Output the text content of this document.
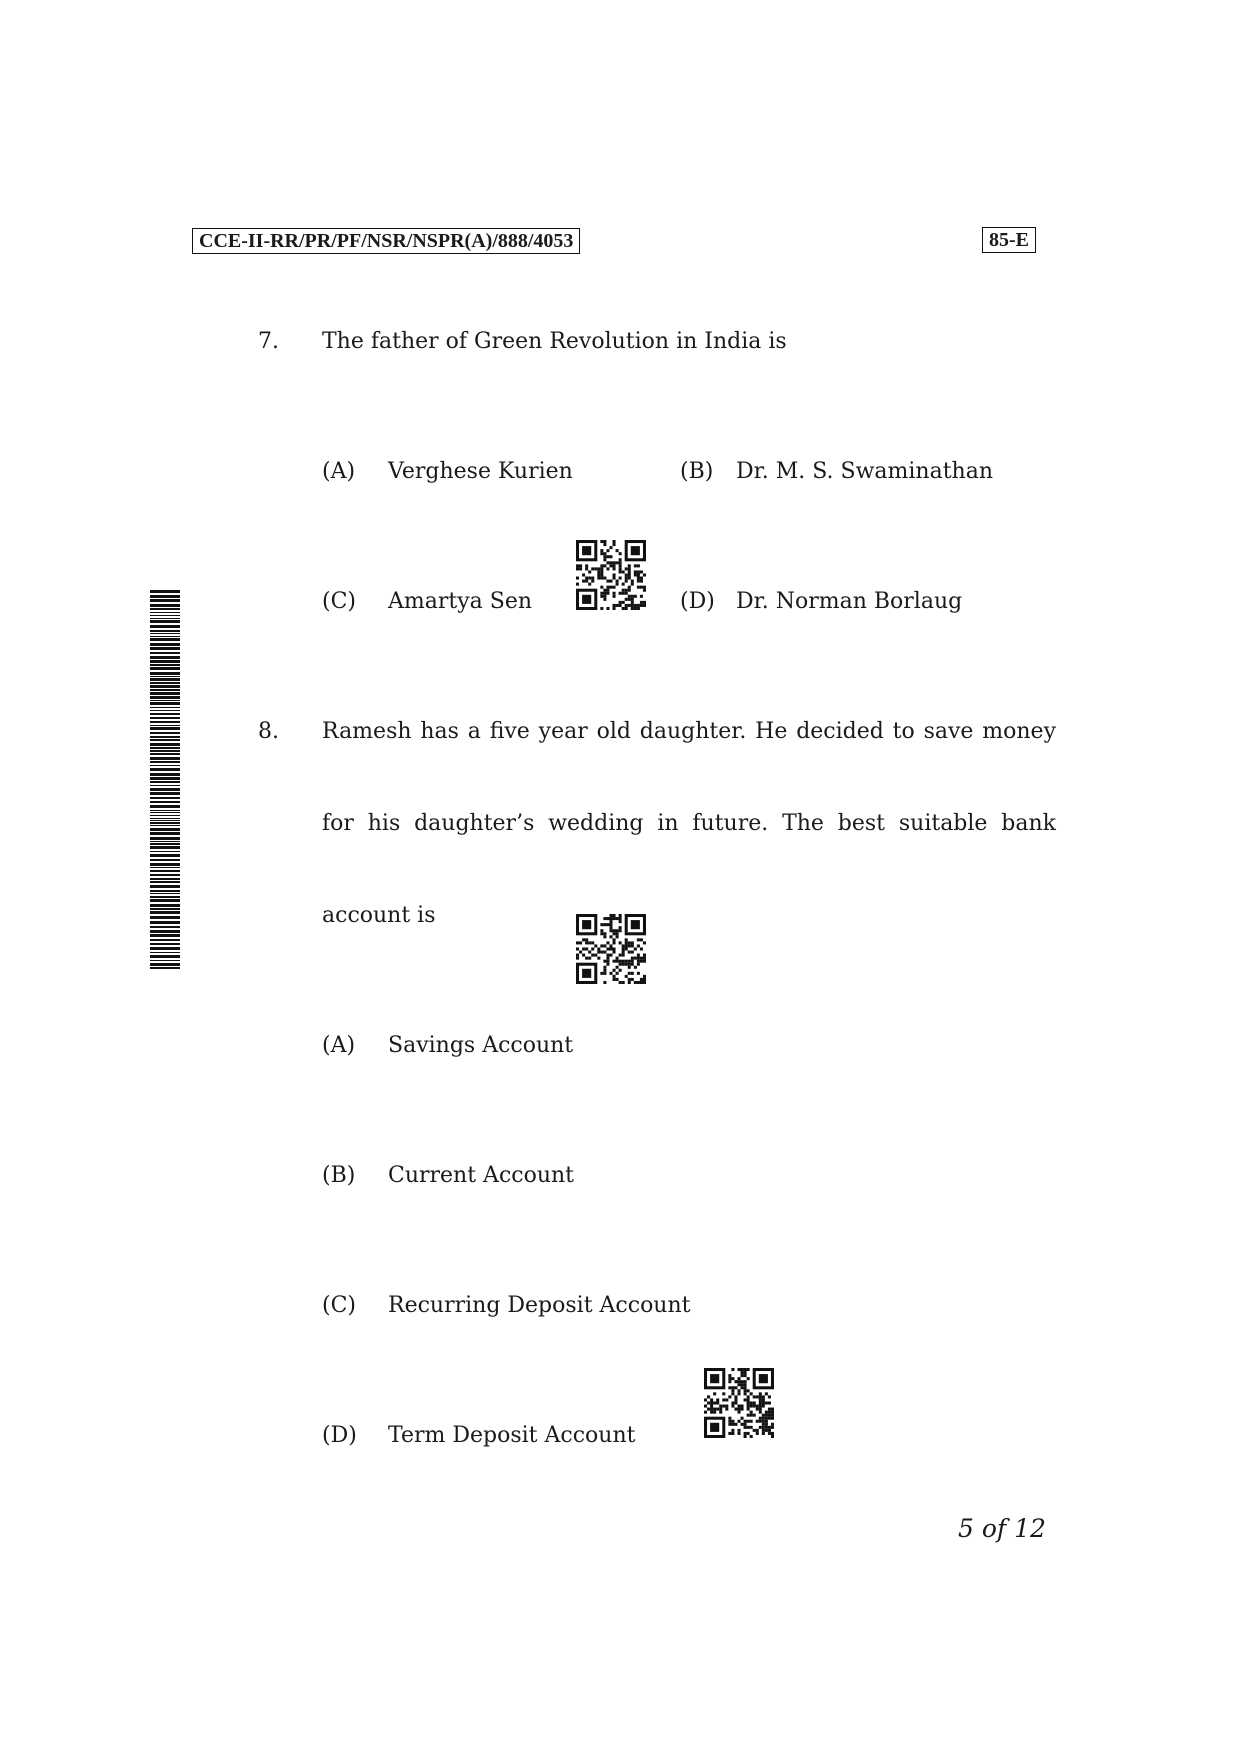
CCE-II-RR/PR/PF/NSR/NSPR(A)/888/4053	85-E
7. The father of Green Revolution in India is
(A) Verghese Kurien	(B) Dr. M. S. Swaminathan
(C) Amartya Sen	(D) Dr. Norman Borlaug
8. Ramesh has a five year old daughter. He decided to save money
for his daughter’s wedding in future. The best suitable bank
account is
(A) Savings Account
(B) Current Account
(C) Recurring Deposit Account
(D) Term Deposit Account
5 of 12
